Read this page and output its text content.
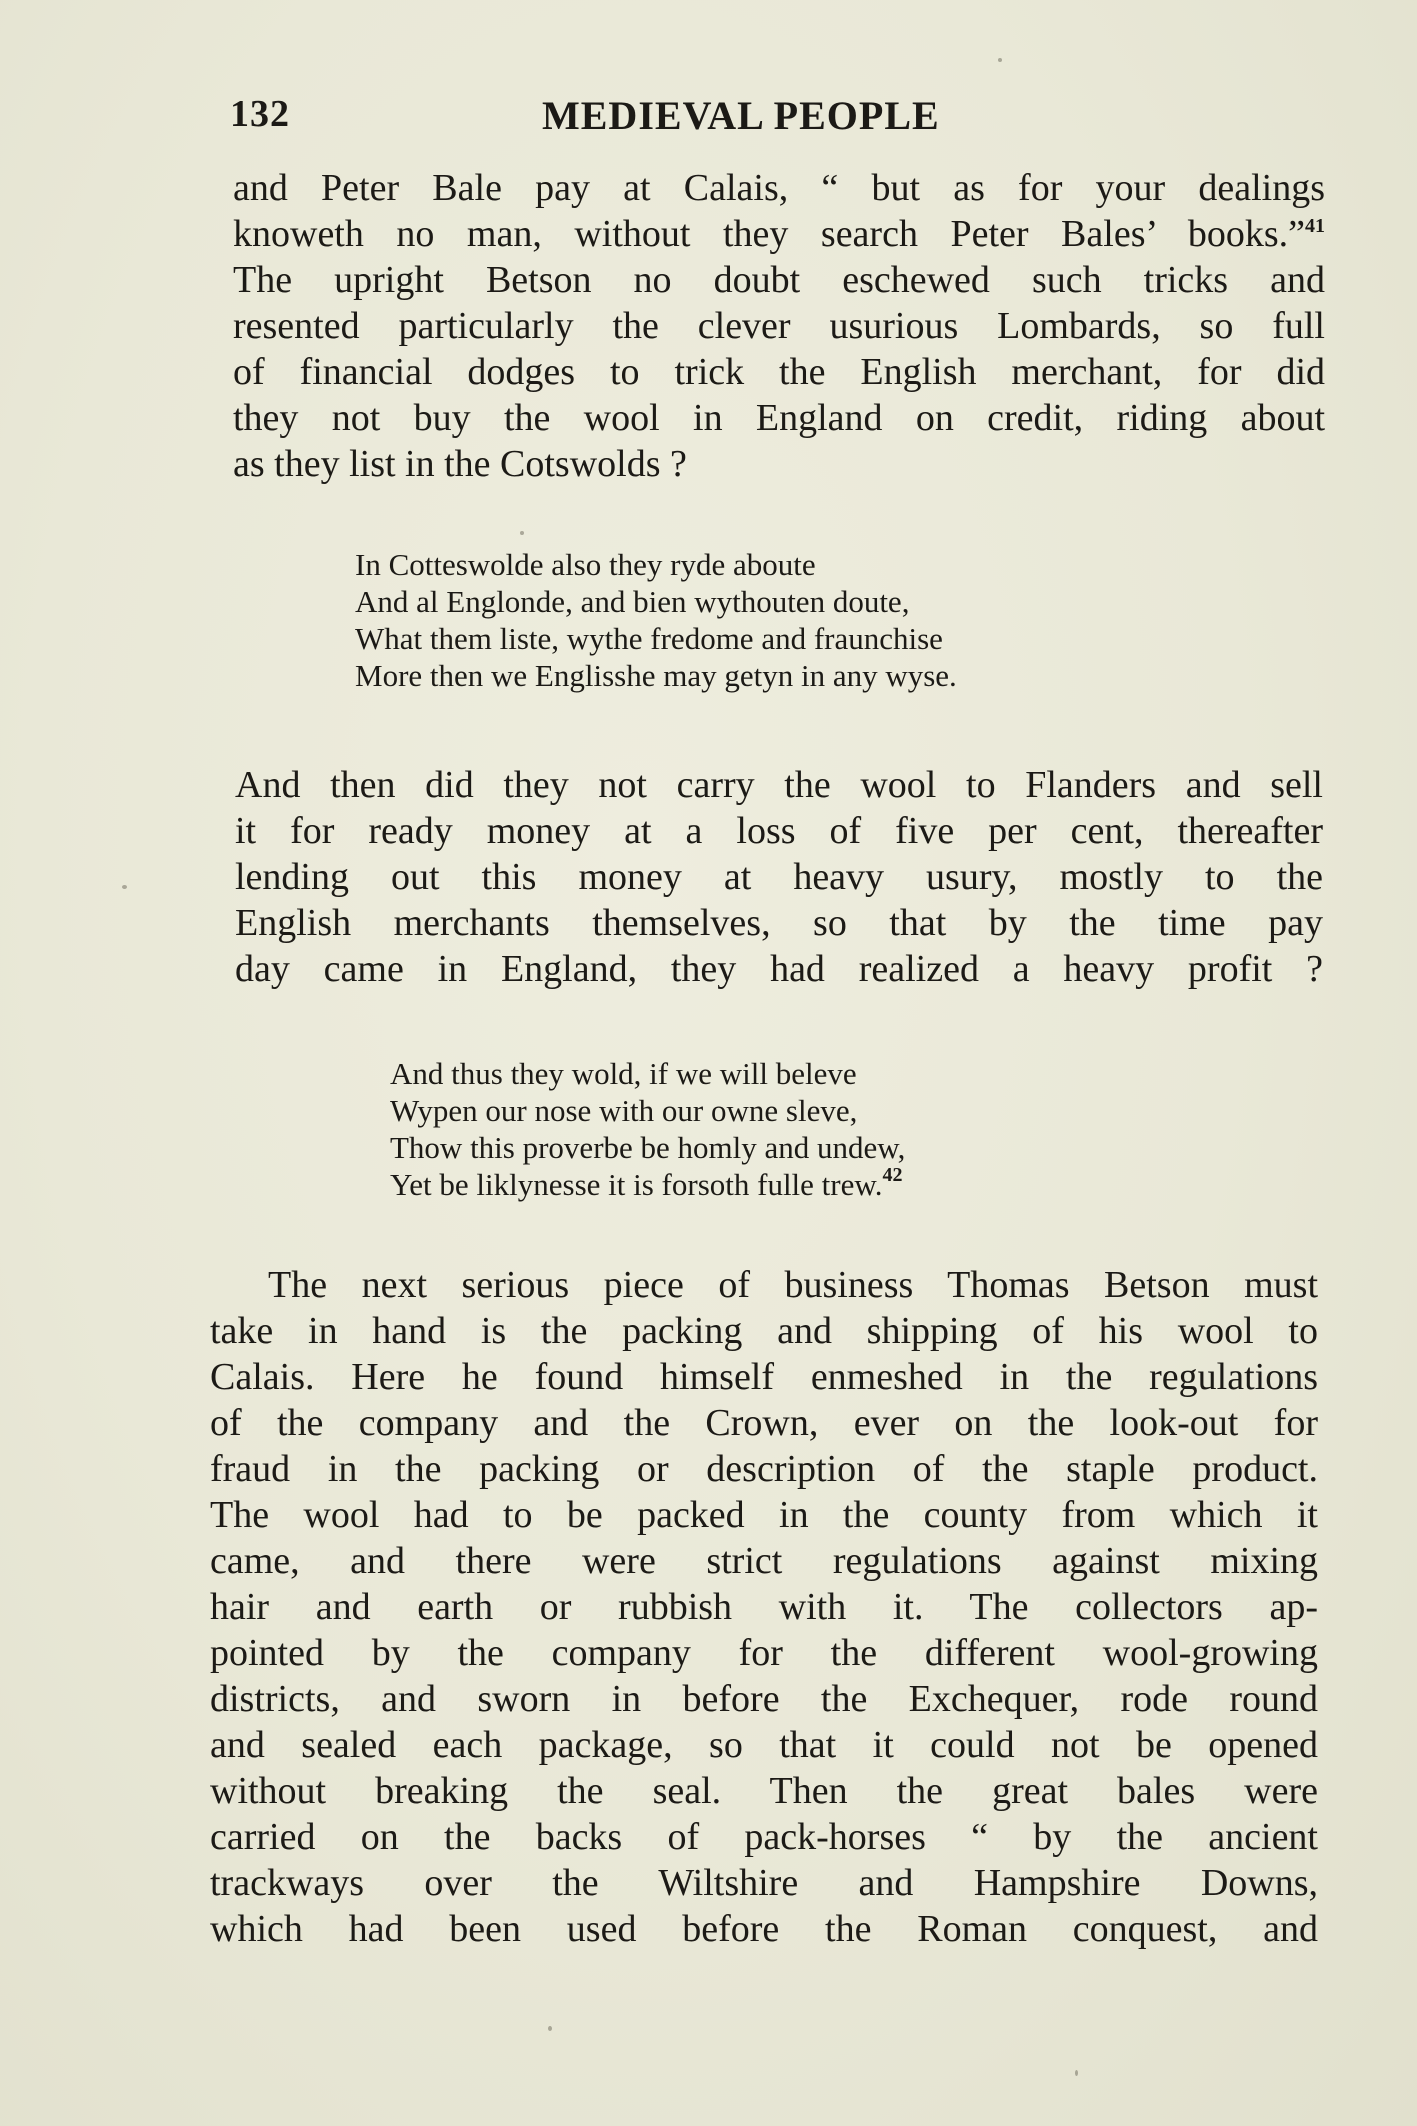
132	MEDIEVAL PEOPLE

and Peter Bale pay at Calais, “ but as for your dealings
knoweth no man, without they search Peter Bales’ books.”$^{41}$
The upright Betson no doubt eschewed such tricks and
resented particularly the clever usurious Lombards, so full
of financial dodges to trick the English merchant, for did
they not buy the wool in England on credit, riding about
as they list in the Cotswolds ?

In Cotteswolde also they ryde aboute
And al Englonde, and bien wythouten doute,
What them liste, wythe fredome and fraunchise
More then we Englisshe may getyn in any wyse.

And then did they not carry the wool to Flanders and sell
it for ready money at a loss of five per cent, thereafter
lending out this money at heavy usury, mostly to the
English merchants themselves, so that by the time pay
day came in England, they had realized a heavy profit ?

And thus they wold, if we will beleve
Wypen our nose with our owne sleve,
Thow this proverbe be homly and undew,
Yet be liklynesse it is forsoth fulle trew.$^{42}$

The next serious piece of business Thomas Betson must
take in hand is the packing and shipping of his wool to
Calais. Here he found himself enmeshed in the regulations
of the company and the Crown, ever on the look-out for
fraud in the packing or description of the staple product.
The wool had to be packed in the county from which it
came, and there were strict regulations against mixing
hair and earth or rubbish with it. The collectors ap-
pointed by the company for the different wool-growing
districts, and sworn in before the Exchequer, rode round
and sealed each package, so that it could not be opened
without breaking the seal. Then the great bales were
carried on the backs of pack-horses “ by the ancient
trackways over the Wiltshire and Hampshire Downs,
which had been used before the Roman conquest, and
